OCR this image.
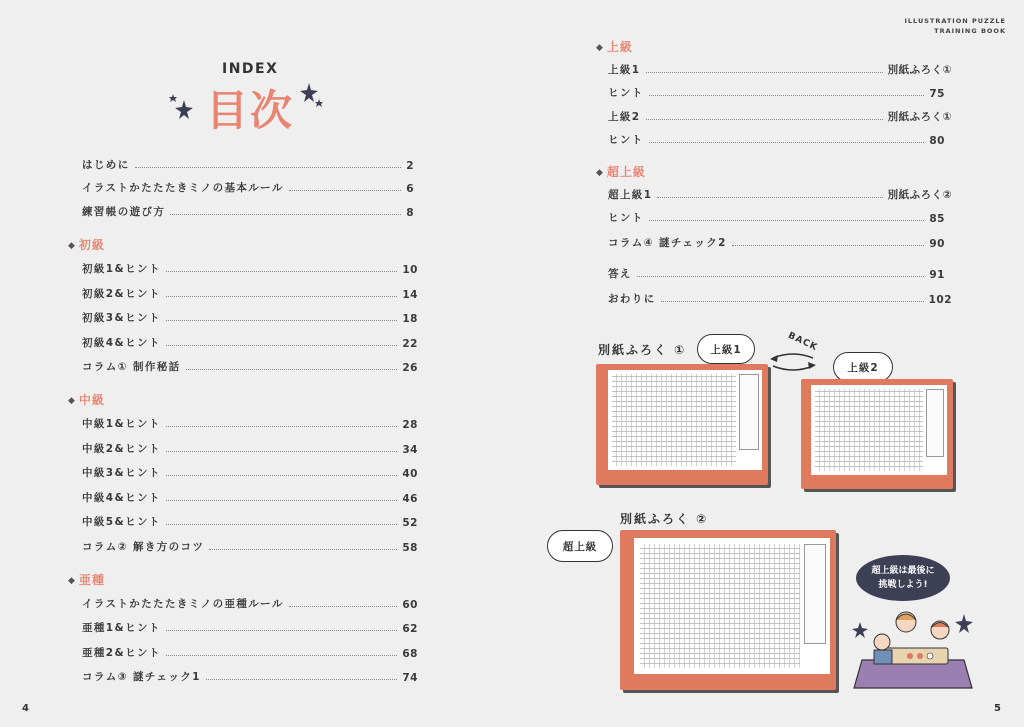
ILLUSTRATION PUZZLE
TRAINING BOOK
INDEX
目次
はじめに	2
イラストかたたたきミノの基本ルール	6
練習帳の遊び方	8
◆ 初級
初級1&ヒント	10
初級2&ヒント	14
初級3&ヒント	18
初級4&ヒント	22
コラム① 制作秘話	26
◆ 中級
中級1&ヒント	28
中級2&ヒント	34
中級3&ヒント	40
中級4&ヒント	46
中級5&ヒント	52
コラム② 解き方のコツ	58
◆ 亜種
イラストかたたたきミノの亜種ルール	60
亜種1&ヒント	62
亜種2&ヒント	68
コラム③ 謎チェック1	74
4
◆ 上級
上級1	別紙ふろく①
ヒント	75
上級2	別紙ふろく①
ヒント	80
◆ 超上級
超上級1	別紙ふろく②
ヒント	85
コラム④ 謎チェック2	90
答え	91
おわりに	102
別紙ふろく ①	上級1	BACK
上級2
別紙ふろく ②
超上級
超上級は最後に
挑戦しよう!
5
